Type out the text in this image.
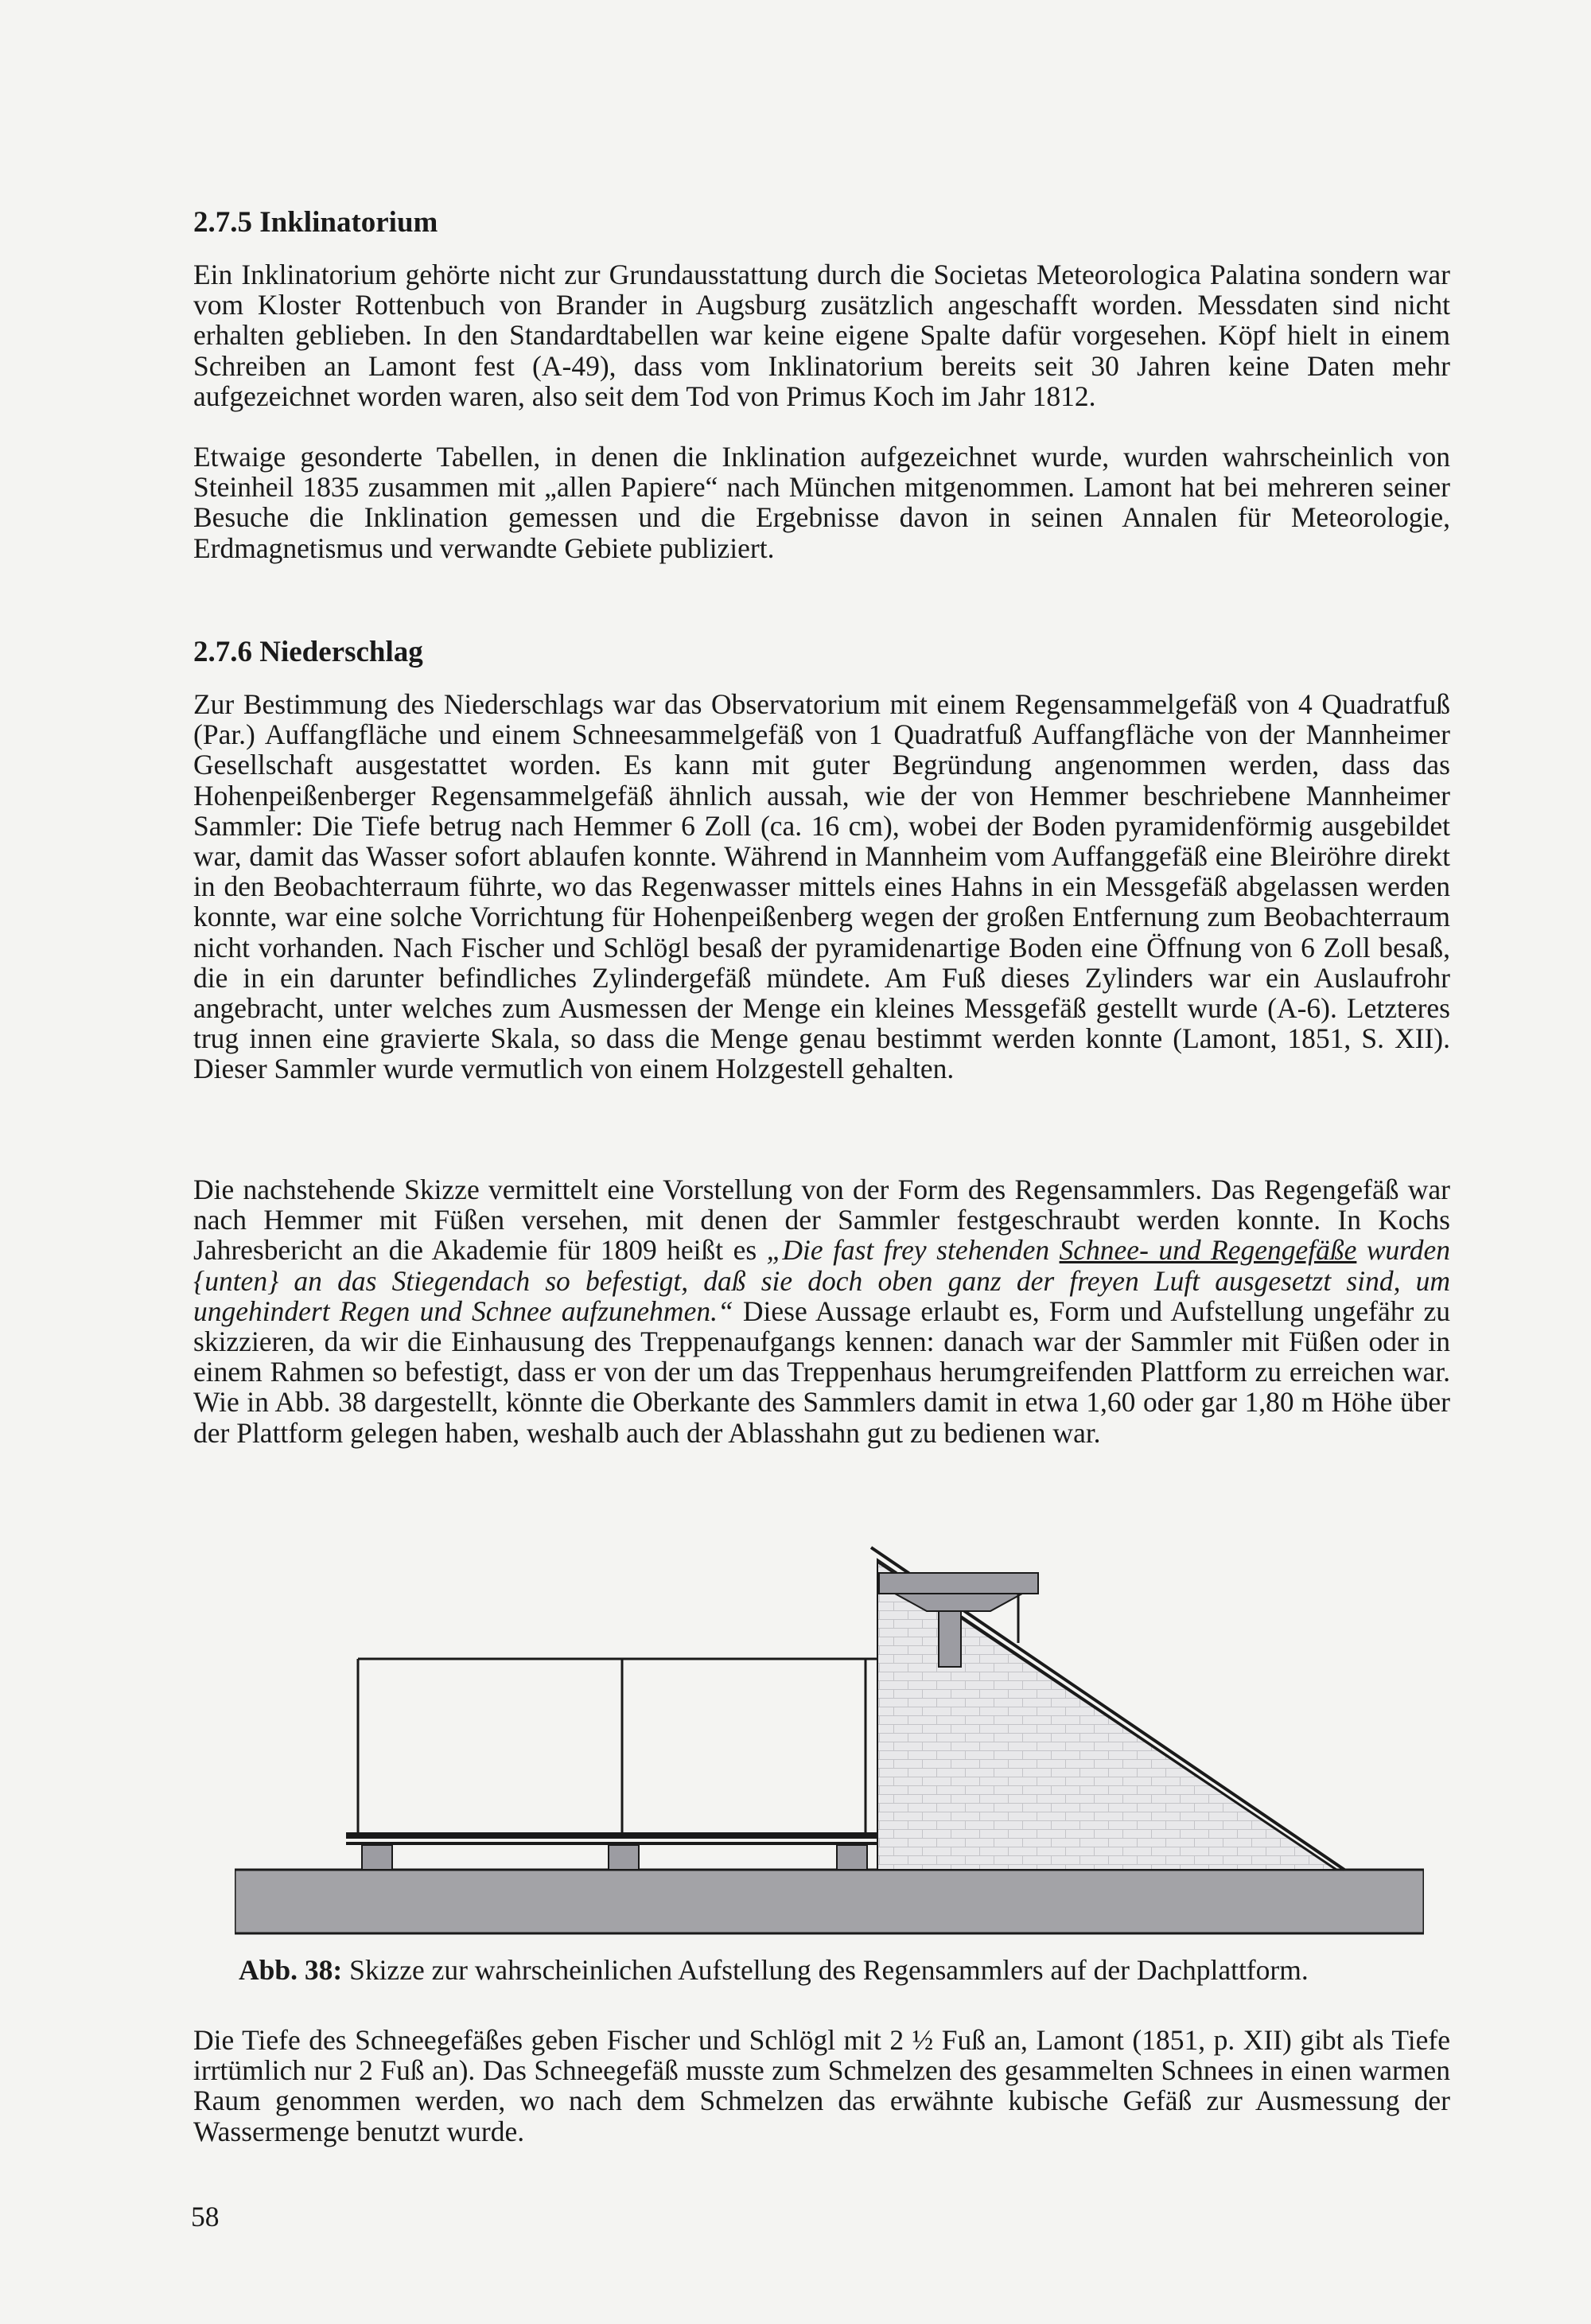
2.7.5 Inklinatorium

Ein Inklinatorium gehörte nicht zur Grundausstattung durch die Societas Meteorologica Palatina sondern war vom Kloster Rottenbuch von Brander in Augsburg zusätzlich angeschafft worden. Messdaten sind nicht erhalten geblieben. In den Standardtabellen war keine eigene Spalte dafür vorgesehen. Köpf hielt in einem Schreiben an Lamont fest (A-49), dass vom Inklinatorium bereits seit 30 Jahren keine Daten mehr aufgezeichnet worden waren, also seit dem Tod von Primus Koch im Jahr 1812.

Etwaige gesonderte Tabellen, in denen die Inklination aufgezeichnet wurde, wurden wahrscheinlich von Steinheil 1835 zusammen mit „allen Papiere“ nach München mitgenommen. Lamont hat bei mehreren seiner Besuche die Inklination gemessen und die Ergebnisse davon in seinen Annalen für Meteorologie, Erdmagnetismus und verwandte Gebiete publiziert.

2.7.6 Niederschlag

Zur Bestimmung des Niederschlags war das Observatorium mit einem Regensammelgefäß von 4 Quadratfuß (Par.) Auffangfläche und einem Schneesammelgefäß von 1 Quadratfuß Auffangfläche von der Mannheimer Gesellschaft ausgestattet worden. Es kann mit guter Begründung angenommen werden, dass das Hohenpeißenberger Regensammelgefäß ähnlich aussah, wie der von Hemmer beschriebene Mannheimer Sammler: Die Tiefe betrug nach Hemmer 6 Zoll (ca. 16 cm), wobei der Boden pyramidenförmig ausgebildet war, damit das Wasser sofort ablaufen konnte. Während in Mannheim vom Auffanggefäß eine Bleiröhre direkt in den Beobachterraum führte, wo das Regenwasser mittels eines Hahns in ein Messgefäß abgelassen werden konnte, war eine solche Vorrichtung für Hohenpeißenberg wegen der großen Entfernung zum Beobachterraum nicht vorhanden. Nach Fischer und Schlögl besaß der pyramidenartige Boden eine Öffnung von 6 Zoll besaß, die in ein darunter befindliches Zylindergefäß mündete. Am Fuß dieses Zylinders war ein Auslaufrohr angebracht, unter welches zum Ausmessen der Menge ein kleines Messgefäß gestellt wurde (A-6). Letzteres trug innen eine gravierte Skala, so dass die Menge genau bestimmt werden konnte (Lamont, 1851, S. XII). Dieser Sammler wurde vermutlich von einem Holzgestell gehalten.

Die nachstehende Skizze vermittelt eine Vorstellung von der Form des Regensammlers. Das Regengefäß war nach Hemmer mit Füßen versehen, mit denen der Sammler festgeschraubt werden konnte. In Kochs Jahresbericht an die Akademie für 1809 heißt es „Die fast frey stehenden Schnee- und Regengefäße wurden {unten} an das Stiegendach so befestigt, daß sie doch oben ganz der freyen Luft ausgesetzt sind, um ungehindert Regen und Schnee aufzunehmen.“ Diese Aussage erlaubt es, Form und Aufstellung ungefähr zu skizzieren, da wir die Einhausung des Treppenaufgangs kennen: danach war der Sammler mit Füßen oder in einem Rahmen so befestigt, dass er von der um das Treppenhaus herumgreifenden Plattform zu erreichen war. Wie in Abb. 38 dargestellt, könnte die Oberkante des Sammlers damit in etwa 1,60 oder gar 1,80 m Höhe über der Plattform gelegen haben, weshalb auch der Ablasshahn gut zu bedienen war.

Abb. 38: Skizze zur wahrscheinlichen Aufstellung des Regensammlers auf der Dachplattform.

Die Tiefe des Schneegefäßes geben Fischer und Schlögl mit 2 ½ Fuß an, Lamont (1851, p. XII) gibt als Tiefe irrtümlich nur 2 Fuß an). Das Schneegefäß musste zum Schmelzen des gesammelten Schnees in einen warmen Raum genommen werden, wo nach dem Schmelzen das erwähnte kubische Gefäß zur Ausmessung der Wassermenge benutzt wurde.

58
